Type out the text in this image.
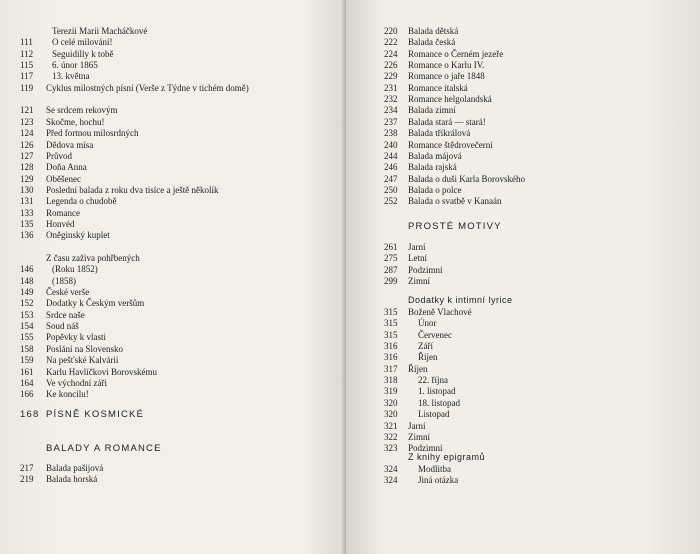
Terezii Marii Macháčkové
111	O celé milování!
112	Seguidilly k tobě
115	6. únor 1865
117	13. května
119	Cyklus milostných písní (Verše z Týdne v tichém domě)
121	Se srdcem rekovým
123	Skočme, hochu!
124	Před fortnou milosrdných
126	Dědova mísa
127	Průvod
128	Doňa Anna
129	Oběšenec
130	Poslední balada z roku dva tisíce a ještě několik
131	Legenda o chudobě
133	Romance
135	Honvéd
136	Oněginský kuplet
Z času zaživa pohřbených
146	(Roku 1852)
148	(1858)
149	České verše
152	Dodatky k Českým veršům
153	Srdce naše
154	Soud náš
155	Popěvky k vlasti
158	Poslání na Slovensko
159	Na pešťské Kalvárii
161	Karlu Havlíčkovi Borovskému
164	Ve východní záři
166	Ke koncilu!
168 PÍSNĚ KOSMICKÉ
BALADY A ROMANCE
217	Balada pašijová
219	Balada horská
220	Balada dětská
222	Balada česká
224	Romance o Černém jezeře
226	Romance o Karlu IV.
229	Romance o jaře 1848
231	Romance italská
232	Romance helgolandská
234	Balada zimní
237	Balada stará — stará!
238	Balada tříkrálová
240	Romance štědrovečerní
244	Balada májová
246	Balada rajská
247	Balada o duši Karla Borovského
250	Balada o polce
252	Balada o svatbě v Kanaán
PROSTÉ MOTIVY
261	Jarní
275	Letní
287	Podzimní
299	Zimní
Dodatky k intimní lyrice
315	Boženě Vlachové
315	Únor
315	Červenec
316	Září
316	Říjen
317	Říjen
318	22. října
319	1. listopad
320	18. listopad
320	Listopad
321	Jarní
322	Zimní
323	Podzimní
Z knihy epigramů
324	Modlitba
324	Jiná otázka
